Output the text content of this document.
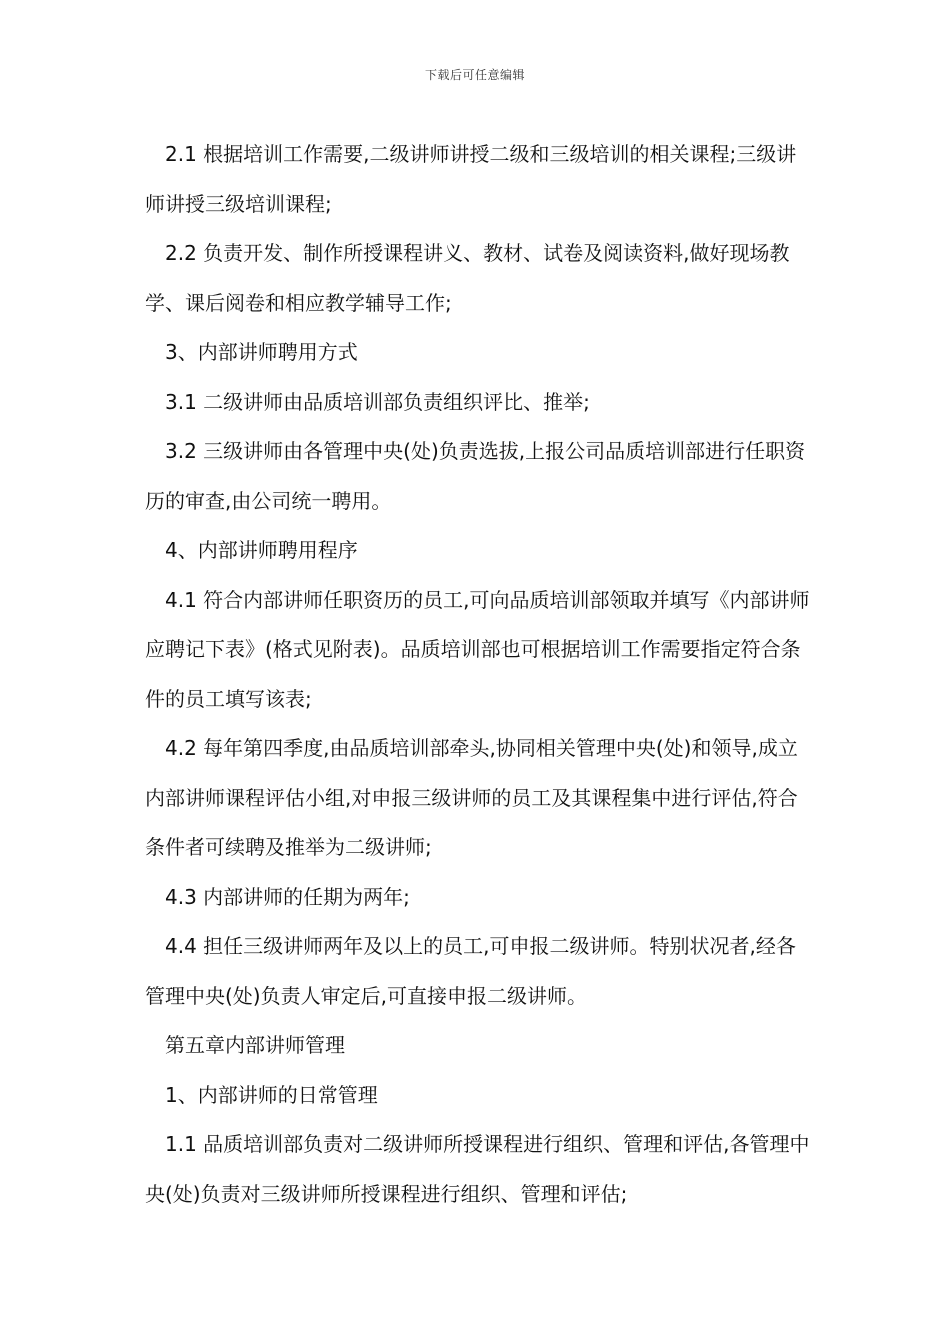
下载后可任意编辑

2.1 根据培训工作需要,二级讲师讲授二级和三级培训的相关课程;三级讲师讲授三级培训课程;

2.2 负责开发、制作所授课程讲义、教材、试卷及阅读资料,做好现场教学、课后阅卷和相应教学辅导工作;

3、内部讲师聘用方式

3.1 二级讲师由品质培训部负责组织评比、推举;

3.2 三级讲师由各管理中央(处)负责选拔,上报公司品质培训部进行任职资历的审查,由公司统一聘用。

4、内部讲师聘用程序

4.1 符合内部讲师任职资历的员工,可向品质培训部领取并填写《内部讲师应聘记下表》(格式见附表)。品质培训部也可根据培训工作需要指定符合条件的员工填写该表;

4.2 每年第四季度,由品质培训部牵头,协同相关管理中央(处)和领导,成立内部讲师课程评估小组,对申报三级讲师的员工及其课程集中进行评估,符合条件者可续聘及推举为二级讲师;

4.3 内部讲师的任期为两年;

4.4 担任三级讲师两年及以上的员工,可申报二级讲师。特别状况者,经各管理中央(处)负责人审定后,可直接申报二级讲师。

第五章内部讲师管理

1、内部讲师的日常管理

1.1 品质培训部负责对二级讲师所授课程进行组织、管理和评估,各管理中央(处)负责对三级讲师所授课程进行组织、管理和评估;
